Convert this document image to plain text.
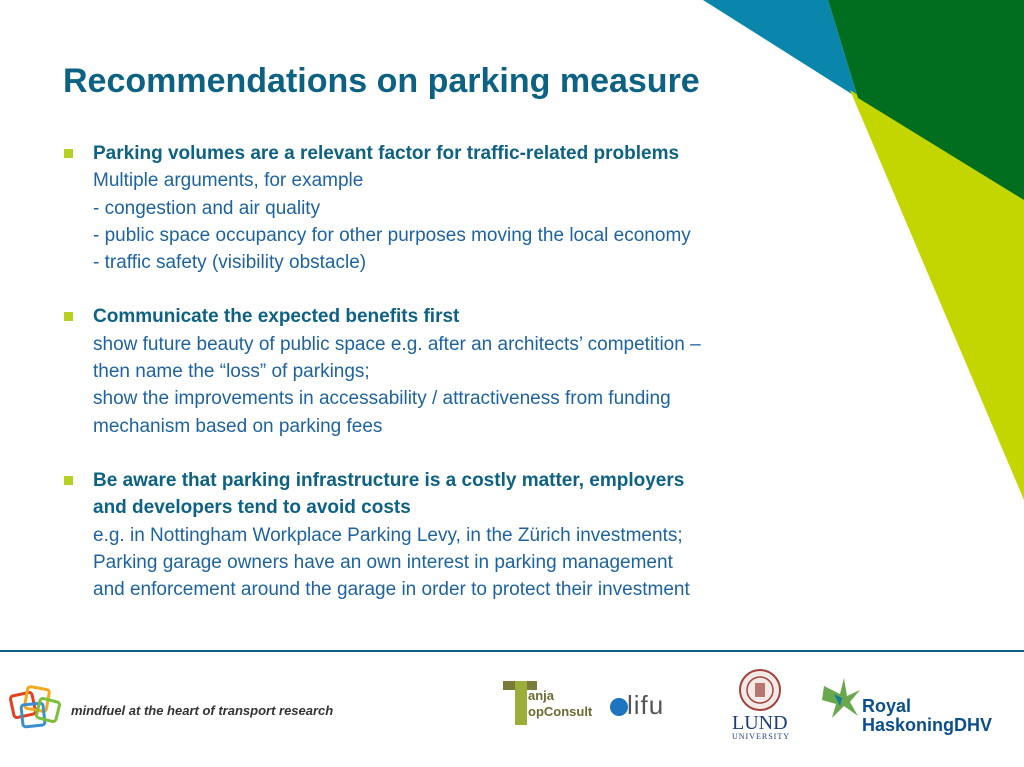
Recommendations on parking measure
Parking volumes are a relevant factor for traffic-related problems
Multiple arguments, for example
- congestion and air quality
- public space occupancy for other purposes moving the local economy
- traffic safety (visibility obstacle)
Communicate the expected benefits first
show future beauty of public space e.g. after an architects’ competition –
then name the “loss” of parkings;
show the improvements in accessability / attractiveness from funding
mechanism based on parking fees
Be aware that parking infrastructure is a costly matter, employers
and developers tend to avoid costs
e.g. in Nottingham Workplace Parking Levy, in the Zürich investments;
Parking garage owners have an own interest in parking management
and enforcement around the garage in order to protect their investment
mindfuel at the heart of transport research
anja
opConsult lifu
LUND
UNIVERSITY
Royal
HaskoningDHV
